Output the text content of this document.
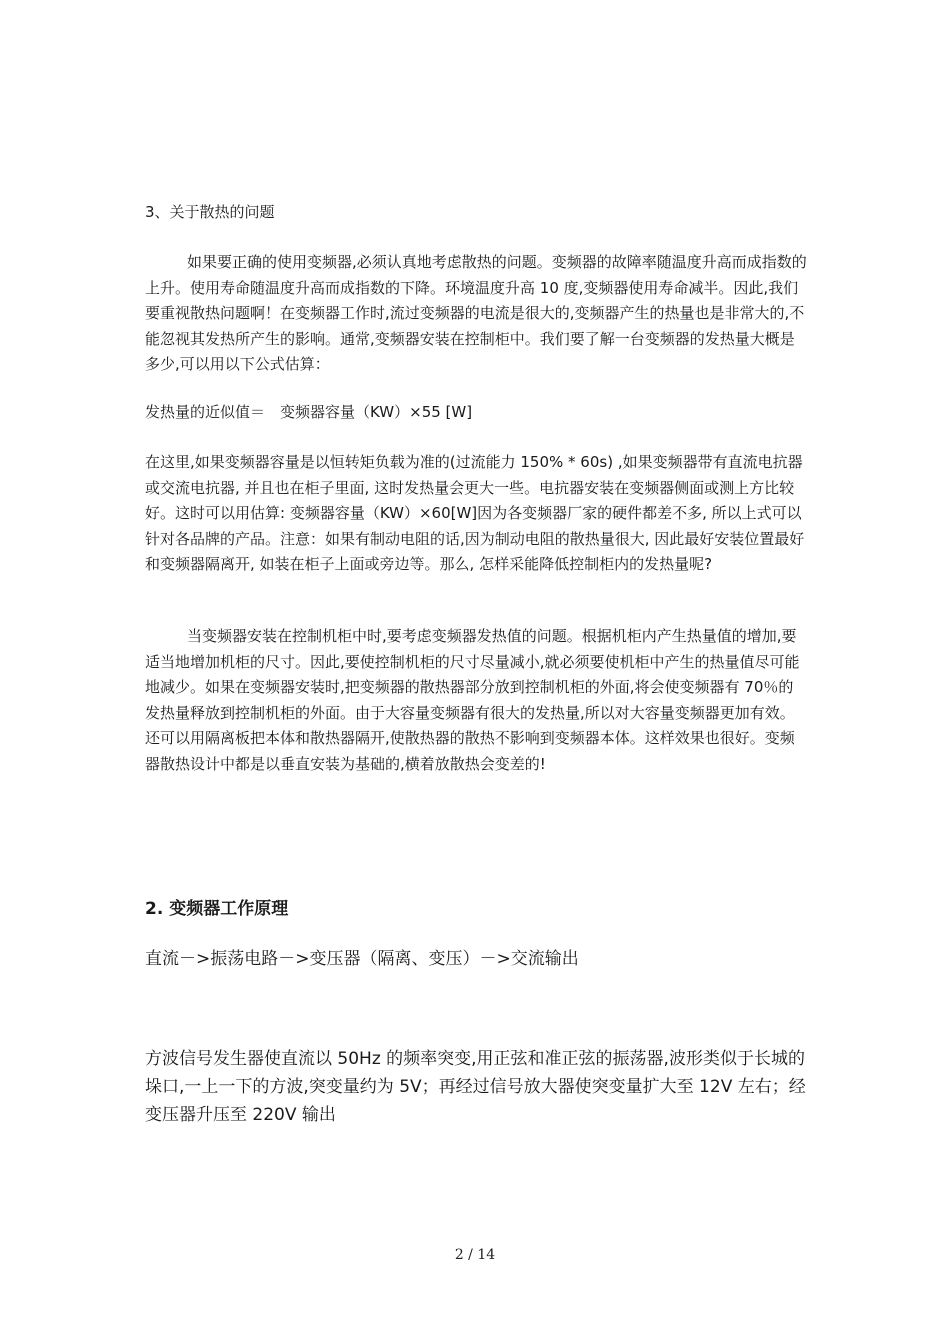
3、关于散热的问题

如果要正确的使用变频器,必须认真地考虑散热的问题。变频器的故障率随温度升高而成指数的上升。使用寿命随温度升高而成指数的下降。环境温度升高 10 度,变频器使用寿命减半。因此,我们要重视散热问题啊！在变频器工作时,流过变频器的电流是很大的,变频器产生的热量也是非常大的,不能忽视其发热所产生的影响。通常,变频器安装在控制柜中。我们要了解一台变频器的发热量大概是多少,可以用以下公式估算：

发热量的近似值＝　变频器容量（KW）×55 [W]

在这里,如果变频器容量是以恒转矩负载为准的(过流能力 150% * 60s) ,如果变频器带有直流电抗器或交流电抗器, 并且也在柜子里面, 这时发热量会更大一些。电抗器安装在变频器侧面或测上方比较好。这时可以用估算: 变频器容量（KW）×60[W]因为各变频器厂家的硬件都差不多, 所以上式可以针对各品牌的产品。注意：如果有制动电阻的话,因为制动电阻的散热量很大, 因此最好安装位置最好和变频器隔离开, 如装在柜子上面或旁边等。那么, 怎样采能降低控制柜内的发热量呢?

当变频器安装在控制机柜中时,要考虑变频器发热值的问题。根据机柜内产生热量值的增加,要适当地增加机柜的尺寸。因此,要使控制机柜的尺寸尽量减小,就必须要使机柜中产生的热量值尽可能地减少。如果在变频器安装时,把变频器的散热器部分放到控制机柜的外面,将会使变频器有 70％的发热量释放到控制机柜的外面。由于大容量变频器有很大的发热量,所以对大容量变频器更加有效。还可以用隔离板把本体和散热器隔开,使散热器的散热不影响到变频器本体。这样效果也很好。变频器散热设计中都是以垂直安装为基础的,横着放散热会变差的!

2. 变频器工作原理

直流－>振荡电路－>变压器（隔离、变压）－>交流输出

方波信号发生器使直流以 50Hz 的频率突变,用正弦和准正弦的振荡器,波形类似于长城的垛口,一上一下的方波,突变量约为 5V；再经过信号放大器使突变量扩大至 12V 左右；经变压器升压至 220V 输出

2 / 14
